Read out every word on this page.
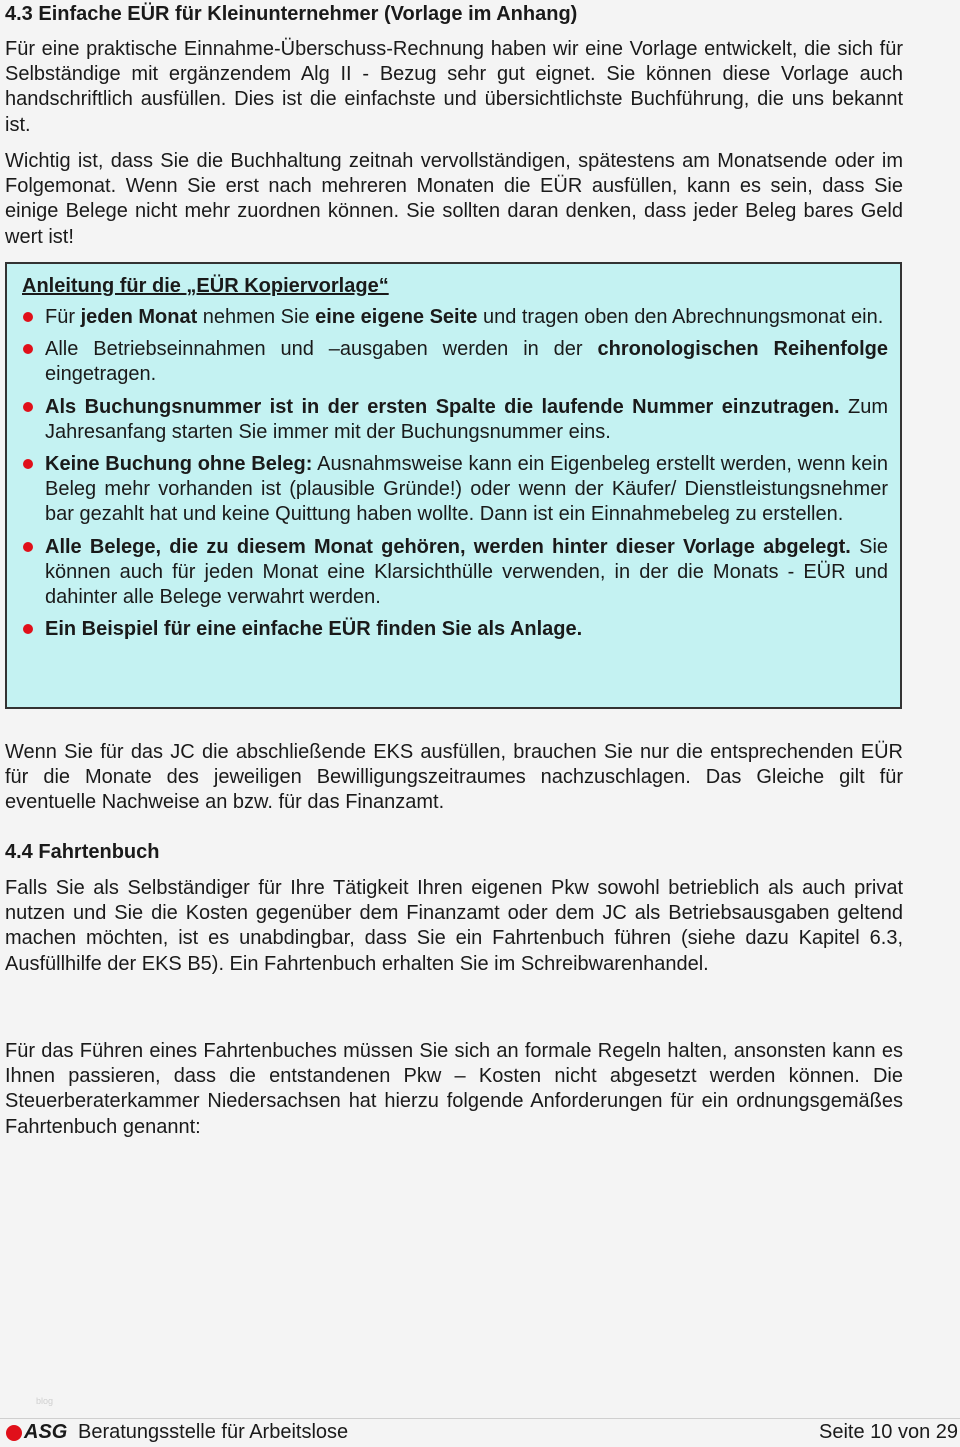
4.3 Einfache EÜR für Kleinunternehmer (Vorlage im Anhang)

Für eine praktische Einnahme-Überschuss-Rechnung haben wir eine Vorlage entwickelt, die sich für Selbständige mit ergänzendem Alg II - Bezug sehr gut eignet. Sie können diese Vorlage auch handschriftlich ausfüllen. Dies ist die einfachste und übersichtlichste Buchführung, die uns bekannt ist.

Wichtig ist, dass Sie die Buchhaltung zeitnah vervollständigen, spätestens am Monatsende oder im Folgemonat. Wenn Sie erst nach mehreren Monaten die EÜR ausfüllen, kann es sein, dass Sie einige Belege nicht mehr zuordnen können. Sie sollten daran denken, dass jeder Beleg bares Geld wert ist!

Anleitung für die „EÜR Kopiervorlage“
Für jeden Monat nehmen Sie eine eigene Seite und tragen oben den Abrechnungsmonat ein.
Alle Betriebseinnahmen und –ausgaben werden in der chronologischen Reihenfolge eingetragen.
Als Buchungsnummer ist in der ersten Spalte die laufende Nummer einzutragen. Zum Jahresanfang starten Sie immer mit der Buchungsnummer eins.
Keine Buchung ohne Beleg: Ausnahmsweise kann ein Eigenbeleg erstellt werden, wenn kein Beleg mehr vorhanden ist (plausible Gründe!) oder wenn der Käufer/ Dienstleistungsnehmer bar gezahlt hat und keine Quittung haben wollte. Dann ist ein Einnahmebeleg zu erstellen.
Alle Belege, die zu diesem Monat gehören, werden hinter dieser Vorlage abgelegt. Sie können auch für jeden Monat eine Klarsichthülle verwenden, in der die Monats - EÜR und dahinter alle Belege verwahrt werden.
Ein Beispiel für eine einfache EÜR finden Sie als Anlage.

Wenn Sie für das JC die abschließende EKS ausfüllen, brauchen Sie nur die entsprechenden EÜR für die Monate des jeweiligen Bewilligungszeitraumes nachzuschlagen. Das Gleiche gilt für eventuelle Nachweise an bzw. für das Finanzamt.

4.4 Fahrtenbuch

Falls Sie als Selbständiger für Ihre Tätigkeit Ihren eigenen Pkw sowohl betrieblich als auch privat nutzen und Sie die Kosten gegenüber dem Finanzamt oder dem JC als Betriebsausgaben geltend machen möchten, ist es unabdingbar, dass Sie ein Fahrtenbuch führen (siehe dazu Kapitel 6.3, Ausfüllhilfe der EKS B5). Ein Fahrtenbuch erhalten Sie im Schreibwarenhandel.

Für das Führen eines Fahrtenbuches müssen Sie sich an formale Regeln halten, ansonsten kann es Ihnen passieren, dass die entstandenen Pkw – Kosten nicht abgesetzt werden können. Die Steuerberaterkammer Niedersachsen hat hierzu folgende Anforderungen für ein ordnungsgemäßes Fahrtenbuch genannt:

blog
ASG Beratungsstelle für Arbeitslose	Seite 10 von 29
